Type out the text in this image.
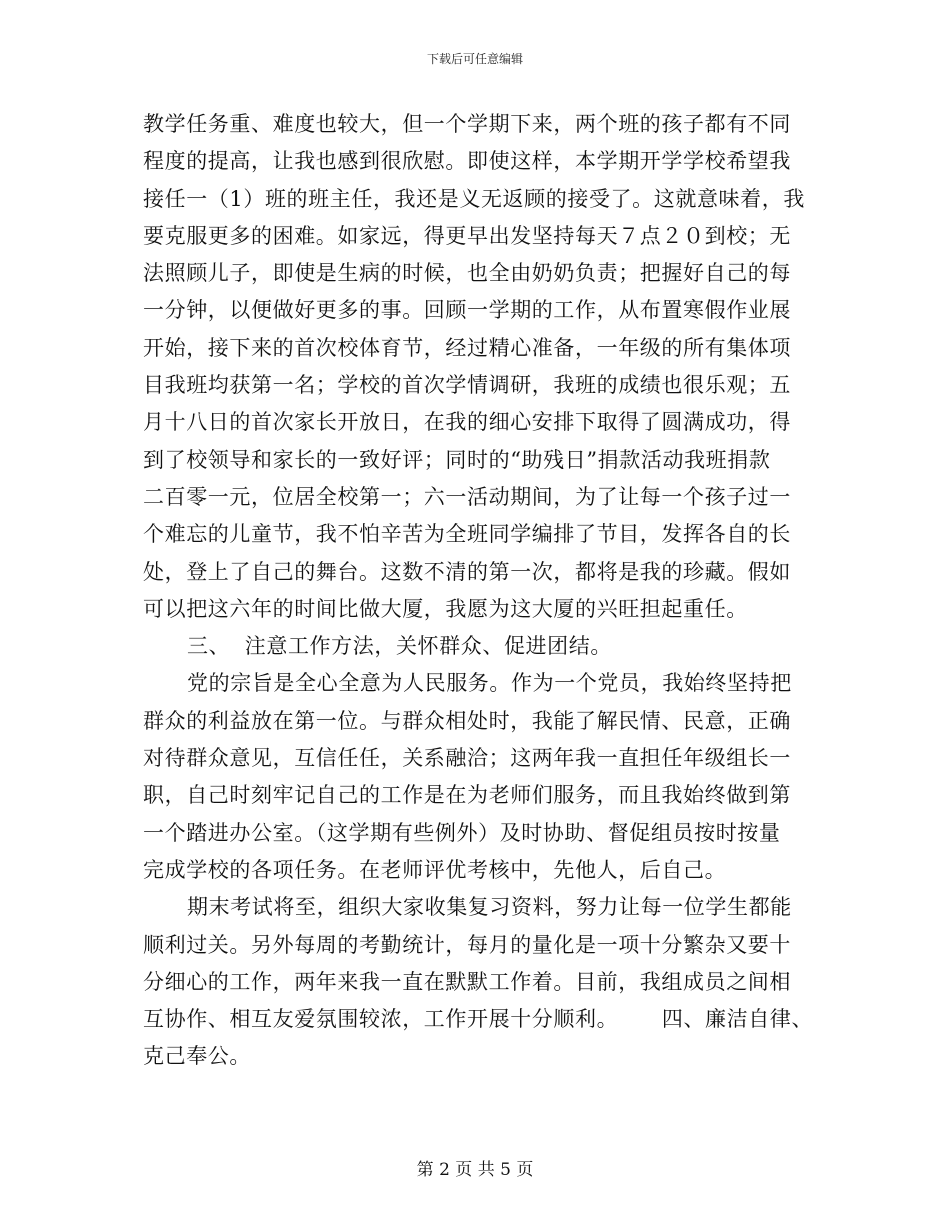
下载后可任意编辑
教学任务重、难度也较大，但一个学期下来，两个班的孩子都有不同
程度的提高，让我也感到很欣慰。即使这样，本学期开学学校希望我
接任一（1）班的班主任，我还是义无返顾的接受了。这就意味着，我
要克服更多的困难。如家远，得更早出发坚持每天７点２０到校；无
法照顾儿子，即使是生病的时候，也全由奶奶负责；把握好自己的每
一分钟，以便做好更多的事。回顾一学期的工作，从布置寒假作业展
开始，接下来的首次校体育节，经过精心准备，一年级的所有集体项
目我班均获第一名；学校的首次学情调研，我班的成绩也很乐观；五
月十八日的首次家长开放日，在我的细心安排下取得了圆满成功，得
到了校领导和家长的一致好评；同时的“助残日”捐款活动我班捐款
二百零一元，位居全校第一；六一活动期间，为了让每一个孩子过一
个难忘的儿童节，我不怕辛苦为全班同学编排了节目，发挥各自的长
处，登上了自己的舞台。这数不清的第一次，都将是我的珍藏。假如
可以把这六年的时间比做大厦，我愿为这大厦的兴旺担起重任。
三、  注意工作方法，关怀群众、促进团结。
党的宗旨是全心全意为人民服务。作为一个党员，我始终坚持把
群众的利益放在第一位。与群众相处时，我能了解民情、民意，正确
对待群众意见，互信任任，关系融洽；这两年我一直担任年级组长一
职，自己时刻牢记自己的工作是在为老师们服务，而且我始终做到第
一个踏进办公室。（这学期有些例外）及时协助、督促组员按时按量
完成学校的各项任务。在老师评优考核中，先他人，后自己。
期末考试将至，组织大家收集复习资料，努力让每一位学生都能
顺利过关。另外每周的考勤统计，每月的量化是一项十分繁杂又要十
分细心的工作，两年来我一直在默默工作着。目前，我组成员之间相
互协作、相互友爱氛围较浓，工作开展十分顺利。      四、廉洁自律、
克己奉公。
第 2 页 共 5 页
